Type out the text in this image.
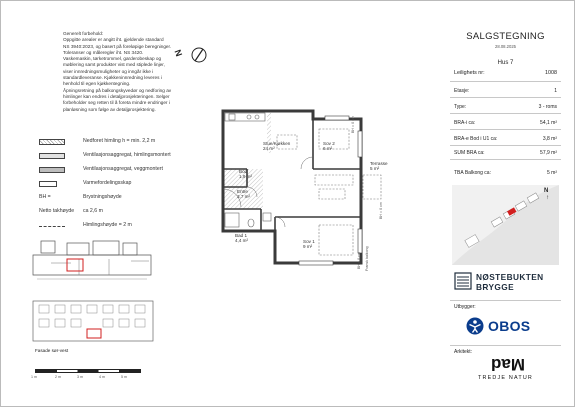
Generelt forbehold:
Oppgitte arealer er angitt iht. gjeldende standard
NS 3940:2023, og basert på foreløpige beregninger.
Toleranser og måleregler iht. NS 3420.
Vaskemaskin, tørketrommel, garderobeskap og
møblering samt produkter vist med stiplede linjer,
viser innredningsmuligheter og inngår ikke i
standardleveranse. Kjøkkeninnredning leveres i
henhold til egen kjøkkentegning.
Åpningsretning på balkongskyvedør og nedforing av
himlinger kan endres i detaljprosjekteringen. Selger
forbeholder seg retten til å foreta mindre endringer i
planløsning som følge av detaljprosjektering.
N
Nedforet himling h = min. 2,2 m
Ventilasjonsaggregat, himlingsmontert
Ventilasjonsaggregat, veggmontert
Varmefordelingsskap
BH =	Brystningshøyde
Netto takhøyde ca 2,6 m
Himlingshøyde = 2 m
Fasade sør-vest
1 m	2 m	3 m	4 m	5 m
Stue/Kjøkken
24 m²
Sov 2
6 m²
Bod
1,9 m²
Entre
3,7 m²
Bad 1
4,4 m²	Sov 1
9 m²
Terrasse
5 m²
BH = 0 cm
BH = 0 cm
BH = 0 cm Fransk balkong
SALGSTEGNING
28.08.2025
Hus 7
Leilighets nr:	1008
Etasje:	1
Type:	3 - roms
BRA-i ca:	54,1 m²
BRA-e Bod i U1 ca:	3,8 m²
SUM BRA ca:	57,9 m²
TBA Balkong ca:	5 m²
N
↑
NØSTEBUKTEN
BRYGGE
Utbygger:
OBOS
Arkitekt:
Mad
TREDJE NATUR
